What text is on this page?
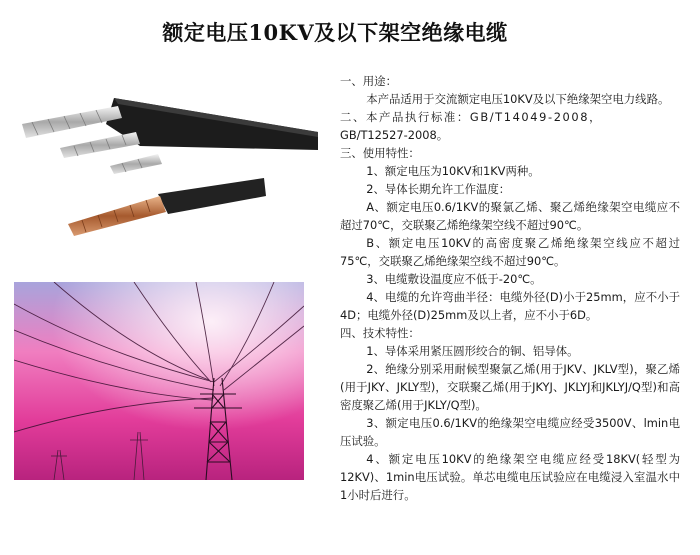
额定电压10KV及以下架空绝缘电缆

一、用途：

本产品适用于交流额定电压10KV及以下绝缘架空电力线路。

二、本产品执行标准：GB/T14049-2008，

GB/T12527-2008。

三、使用特性：

1、额定电压为10KV和1KV两种。

2、导体长期允许工作温度：

A、额定电压0.6/1KV的聚氯乙烯、聚乙烯绝缘架空电缆应不超过70℃，交联聚乙烯绝缘架空线不超过90℃。

B、额定电压10KV的高密度聚乙烯绝缘架空线应不超过75℃，交联聚乙烯绝缘架空线不超过90℃。

3、电缆敷设温度应不低于-20℃。

4、电缆的允许弯曲半径：电缆外径(D)小于25mm，应不小于4D；电缆外径(D)25mm及以上者，应不小于6D。

四、技术特性：

1、导体采用紧压圆形绞合的铜、铝导体。

2、绝缘分别采用耐候型聚氯乙烯(用于JKV、JKLV型)，聚乙烯(用于JKY、JKLY型)，交联聚乙烯(用于JKYJ、JKLYJ和JKLYJ/Q型)和高密度聚乙烯(用于JKLY/Q型)。

3、额定电压0.6/1KV的绝缘架空电缆应经受3500V、lmin电压试验。

4、额定电压10KV的绝缘架空电缆应经受18KV(轻型为12KV)、1min电压试验。单芯电缆电压试验应在电缆浸入室温水中1小时后进行。
